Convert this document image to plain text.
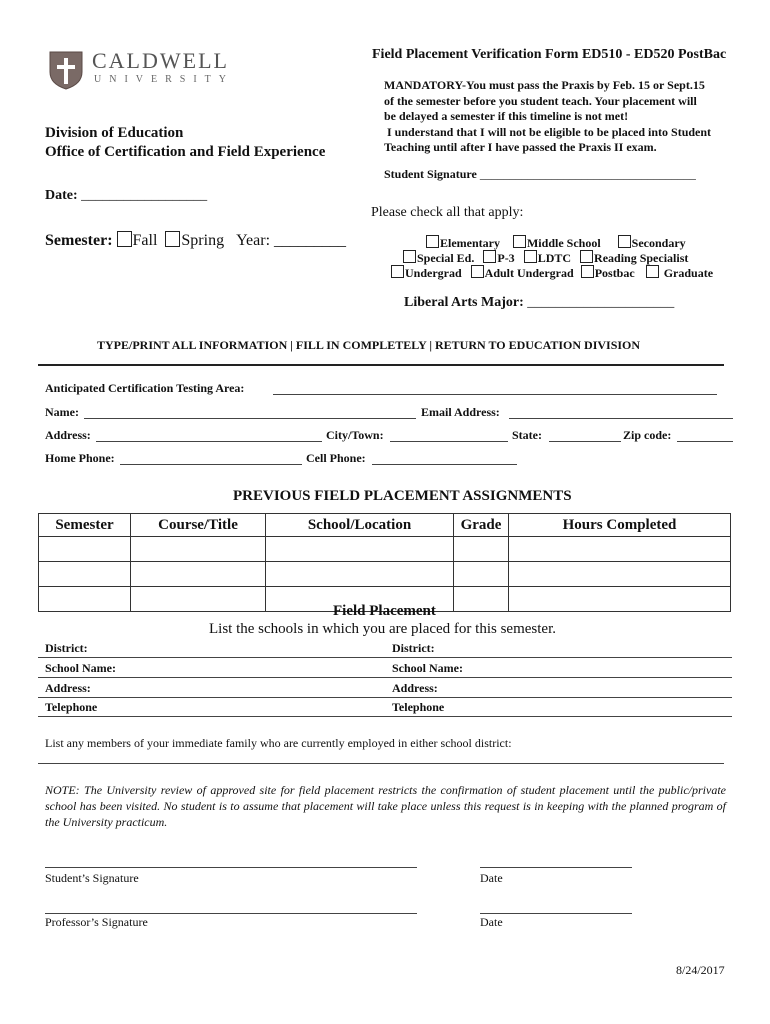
CALDWELL
UNIVERSITY
Field Placement Verification Form ED510 - ED520 PostBac
MANDATORY-You must pass the Praxis by Feb. 15 or Sept.15
of the semester before you student teach. Your placement will
be delayed a semester if this timeline is not met!
I understand that I will not be eligible to be placed into Student
Teaching until after I have passed the Praxis II exam.
Division of Education
Office of Certification and Field Experience
Student Signature ____________________________________
Date: __________________
Please check all that apply:
Semester: Fall Spring Year: _________	Elementary Middle School	Secondary
Special Ed. P-3 LDTC Reading Specialist
Undergrad Adult Undergrad Postbac Graduate
Liberal Arts Major: _____________________
TYPE/PRINT ALL INFORMATION | FILL IN COMPLETELY | RETURN TO EDUCATION DIVISION
Anticipated Certification Testing Area:
Name:	Email Address:
Address:	City/Town:	State:	Zip code:
Home Phone:	Cell Phone:
PREVIOUS FIELD PLACEMENT ASSIGNMENTS
Semester	Course/Title	School/Location	Grade	Hours Completed

Field Placement
List the schools in which you are placed for this semester.
District:	District:
School Name:	School Name:
Address:	Address:
Telephone	Telephone
List any members of your immediate family who are currently employed in either school district:
NOTE: The University review of approved site for field placement restricts the confirmation of student placement until the public/private school has been visited. No student is to assume that placement will take place unless this request is in keeping with the planned program of the University practicum.
Student’s Signature	Date
Professor’s Signature	Date
8/24/2017
